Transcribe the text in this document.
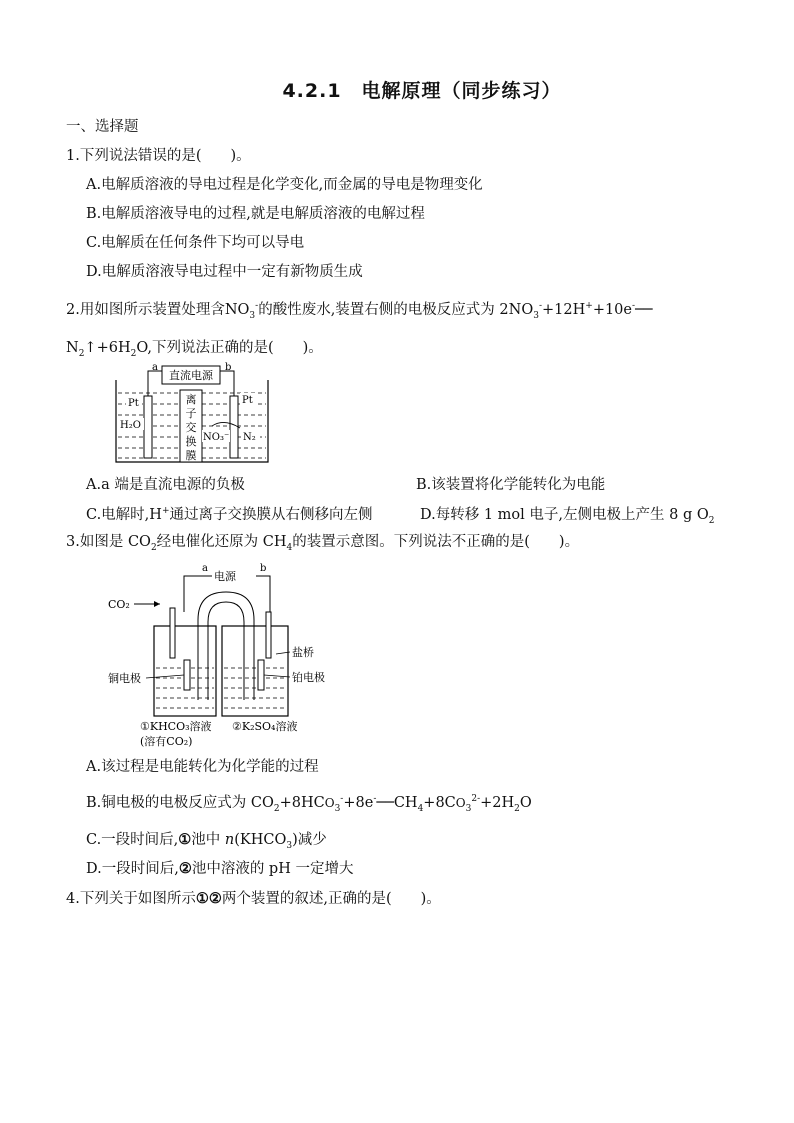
4.2.1　电解原理（同步练习）
一、选择题
1.下列说法错误的是(　　)。
A.电解质溶液的导电过程是化学变化,而金属的导电是物理变化
B.电解质溶液导电的过程,就是电解质溶液的电解过程
C.电解质在任何条件下均可以导电
D.电解质溶液导电过程中一定有新物质生成
2.用如图所示装置处理含$NO_3^-$的酸性废水,装置右侧的电极反应式为 $2NO_3^-+12H^++10e^-──$
$N_2↑+6H_2O$,下列说法正确的是(　　)。
直流电源
a	b
离
子
交
换
膜
Pt	Pt
H₂O
NO₃⁻ N₂
A.a 端是直流电源的负极	B.该装置将化学能转化为电能
C.电解时,H+通过离子交换膜从右侧移向左侧	D.每转移 1 mol 电子,左侧电极上产生 8 g $O_2$
3.如图是 $CO_2$经电催化还原为 $CH_4$的装置示意图。下列说法不正确的是(　　)。
电源
a	b
CO₂
盐桥
铜电极	铂电极
①KHCO₃溶液
(溶有CO₂)
②K₂SO₄溶液
A.该过程是电能转化为化学能的过程
B.铜电极的电极反应式为 $CO_2+8HCO_3^-+8e^-──CH_4+8CO_3^{2-}+2H_2O$
C.一段时间后,①池中 $n(KHCO_3)$减少
D.一段时间后,②池中溶液的 pH 一定增大
4.下列关于如图所示①②两个装置的叙述,正确的是(　　)。
